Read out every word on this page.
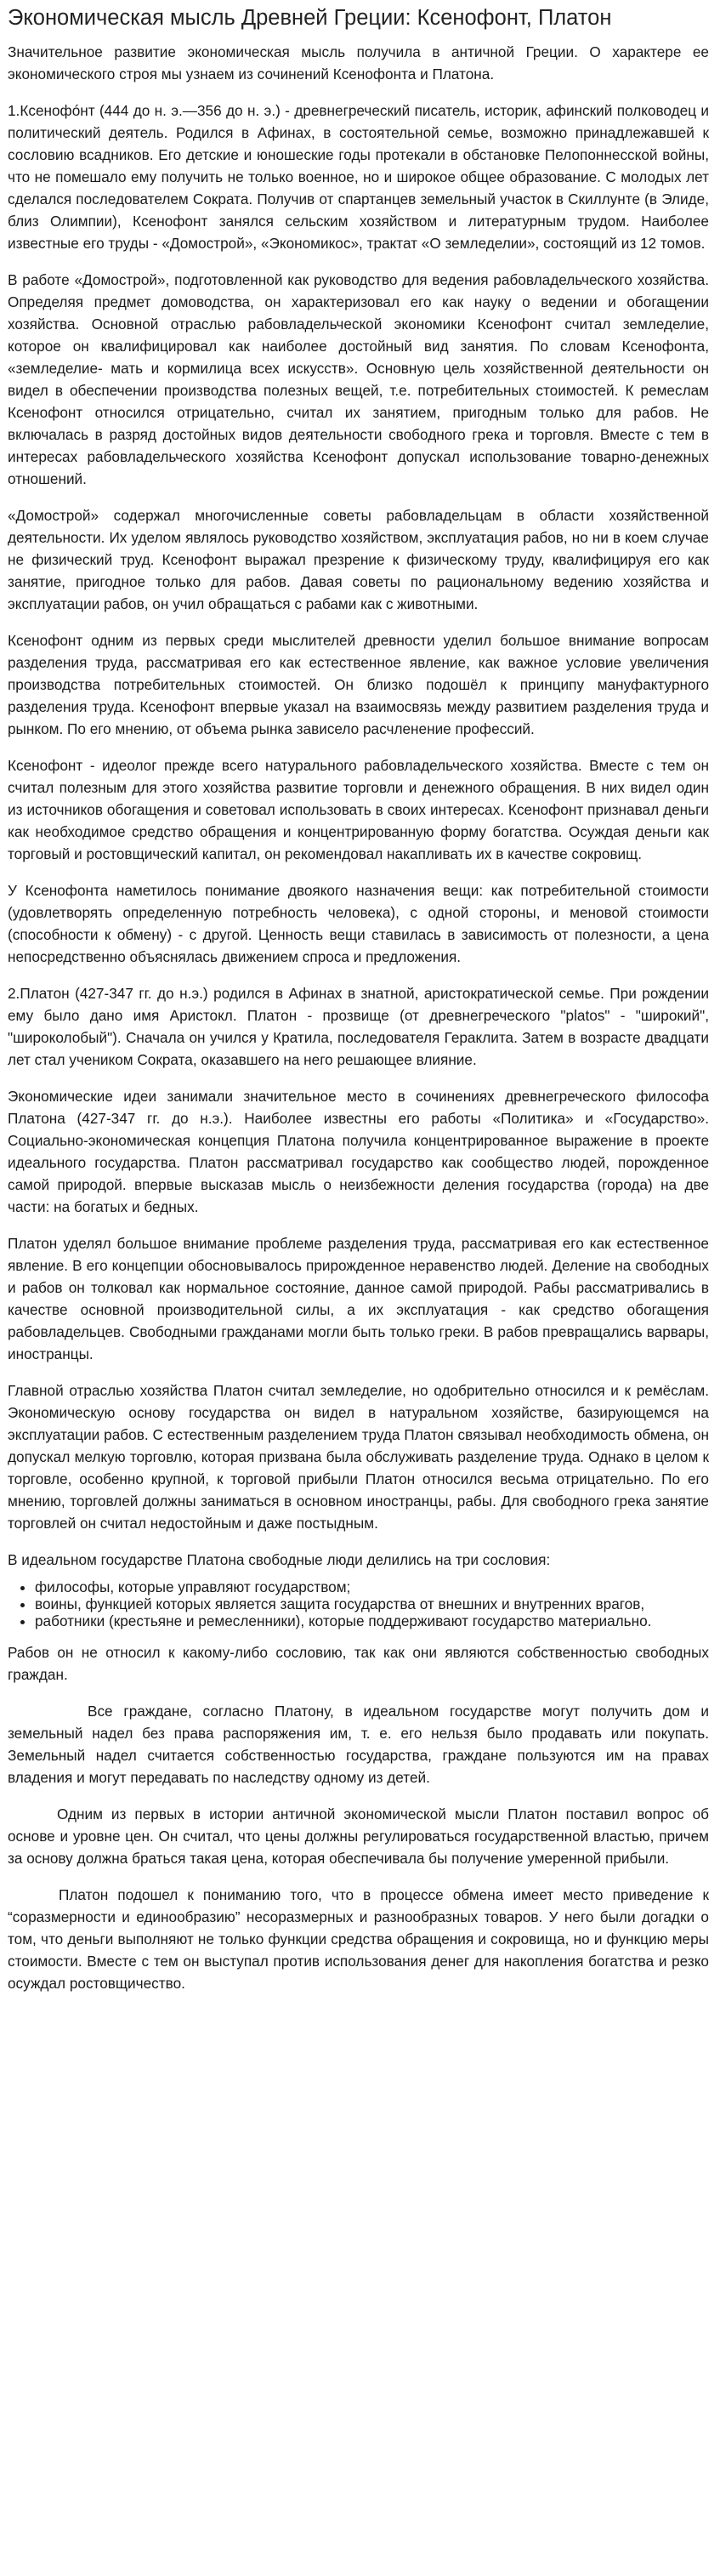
Экономическая мысль Древней Греции: Ксенофонт, Платон

Значительное развитие экономическая мысль получила в античной Греции. О характере ее экономического строя мы узнаем из сочинений Ксенофонта и Платона.

1.Ксенофóнт (444 до н. э.—356 до н. э.) - древнегреческий писатель, историк, афинский полководец и политический деятель. Родился в Афинах, в состоятельной семье, возможно принадлежавшей к сословию всадников. Его детские и юношеские годы протекали в обстановке Пелопоннесской войны, что не помешало ему получить не только военное, но и широкое общее образование. С молодых лет сделался последователем Сократа. Получив от спартанцев земельный участок в Скиллунте (в Элиде, близ Олимпии), Ксенофонт занялся сельским хозяйством и литературным трудом. Наиболее известные его труды - «Домострой», «Экономикос», трактат «О земледелии», состоящий из 12 томов.

В работе «Домострой», подготовленной как руководство для ведения рабовладельческого хозяйства. Определяя предмет домоводства, он характеризовал его как науку о ведении и обогащении хозяйства. Основной отраслью рабовладельческой экономики Ксенофонт считал земледелие, которое он квалифицировал как наиболее достойный вид занятия. По словам Ксенофонта, «земледелие- мать и кормилица всех искусств». Основную цель хозяйственной деятельности он видел в обеспечении производства полезных вещей, т.е. потребительных стоимостей. К ремеслам Ксенофонт относился отрицательно, считал их занятием, пригодным только для рабов. Не включалась в разряд достойных видов деятельности свободного грека и торговля. Вместе с тем в интересах рабовладельческого хозяйства Ксенофонт допускал использование товарно-денежных отношений.

«Домострой» содержал многочисленные советы рабовладельцам в области хозяйственной деятельности. Их уделом являлось руководство хозяйством, эксплуатация рабов, но ни в коем случае не физический труд. Ксенофонт выражал презрение к физическому труду, квалифицируя его как занятие, пригодное только для рабов. Давая советы по рациональному ведению хозяйства и эксплуатации рабов, он учил обращаться с рабами как с животными.

Ксенофонт одним из первых среди мыслителей древности уделил большое внимание вопросам разделения труда, рассматривая его как естественное явление, как важное условие увеличения производства потребительных стоимостей. Он близко подошёл к принципу мануфактурного разделения труда. Ксенофонт впервые указал на взаимосвязь между развитием разделения труда и рынком. По его мнению, от объема рынка зависело расчленение профессий.

Ксенофонт - идеолог прежде всего натурального рабовладельческого хозяйства. Вместе с тем он считал полезным для этого хозяйства развитие торговли и денежного обращения. В них видел один из источников обогащения и советовал использовать в своих интересах. Ксенофонт признавал деньги как необходимое средство обращения и концентрированную форму богатства. Осуждая деньги как торговый и ростовщический капитал, он рекомендовал накапливать их в качестве сокровищ.

У Ксенофонта наметилось понимание двоякого назначения вещи: как потребительной стоимости (удовлетворять определенную потребность человека), с одной стороны, и меновой стоимости (способности к обмену) - с другой. Ценность вещи ставилась в зависимость от полезности, а цена непосредственно объяснялась движением спроса и предложения.

2.Платон (427-347 гг. до н.э.) родился в Афинах в знатной, аристократической семье. При рождении ему было дано имя Аристокл. Платон - прозвище (от древнегреческого "platos" - "широкий", "широколобый"). Сначала он учился у Кратила, последователя Гераклита. Затем в возрасте двадцати лет стал учеником Сократа, оказавшего на него решающее влияние.

Экономические идеи занимали значительное место в сочинениях древнегреческого философа Платона (427-347 гг. до н.э.). Наиболее известны его работы «Политика» и «Государство». Социально-экономическая концепция Платона получила концентрированное выражение в проекте идеального государства. Платон рассматривал государство как сообщество людей, порожденное самой природой. впервые высказав мысль о неизбежности деления государства (города) на две части: на богатых и бедных.

Платон уделял большое внимание проблеме разделения труда, рассматривая его как естественное явление. В его концепции обосновывалось прирожденное неравенство людей. Деление на свободных и рабов он толковал как нормальное состояние, данное самой природой. Рабы рассматривались в качестве основной производительной силы, а их эксплуатация - как средство обогащения рабовладельцев. Свободными гражданами могли быть только греки. В рабов превращались варвары, иностранцы.

Главной отраслью хозяйства Платон считал земледелие, но одобрительно относился и к ремёслам. Экономическую основу государства он видел в натуральном хозяйстве, базирующемся на эксплуатации рабов. С естественным разделением труда Платон связывал необходимость обмена, он допускал мелкую торговлю, которая призвана была обслуживать разделение труда. Однако в целом к торговле, особенно крупной, к торговой прибыли Платон относился весьма отрицательно. По его мнению, торговлей должны заниматься в основном иностранцы, рабы. Для свободного грека занятие торговлей он считал недостойным и даже постыдным.

В идеальном государстве Платона свободные люди делились на три сословия:

• философы, которые управляют государством;
• воины, функцией которых является защита государства от внешних и внутренних врагов,
• работники (крестьяне и ремесленники), которые поддерживают государство материально.

Рабов он не относил к какому-либо сословию, так как они являются собственностью свободных граждан.

Все граждане, согласно Платону, в идеальном государстве могут получить дом и земельный надел без права распоряжения им, т. е. его нельзя было продавать или покупать. Земельный надел считается собственностью государства, граждане пользуются им на правах владения и могут передавать по наследству одному из детей.

Одним из первых в истории античной экономической мысли Платон поставил вопрос об основе и уровне цен. Он считал, что цены должны регулироваться государственной властью, причем за основу должна браться такая цена, которая обеспечивала бы получение умеренной прибыли.

Платон подошел к пониманию того, что в процессе обмена имеет место приведение к “соразмерности и единообразию” несоразмерных и разнообразных товаров. У него были догадки о том, что деньги выполняют не только функции средства обращения и сокровища, но и функцию меры стоимости. Вместе с тем он выступал против использования денег для накопления богатства и резко осуждал ростовщичество.
